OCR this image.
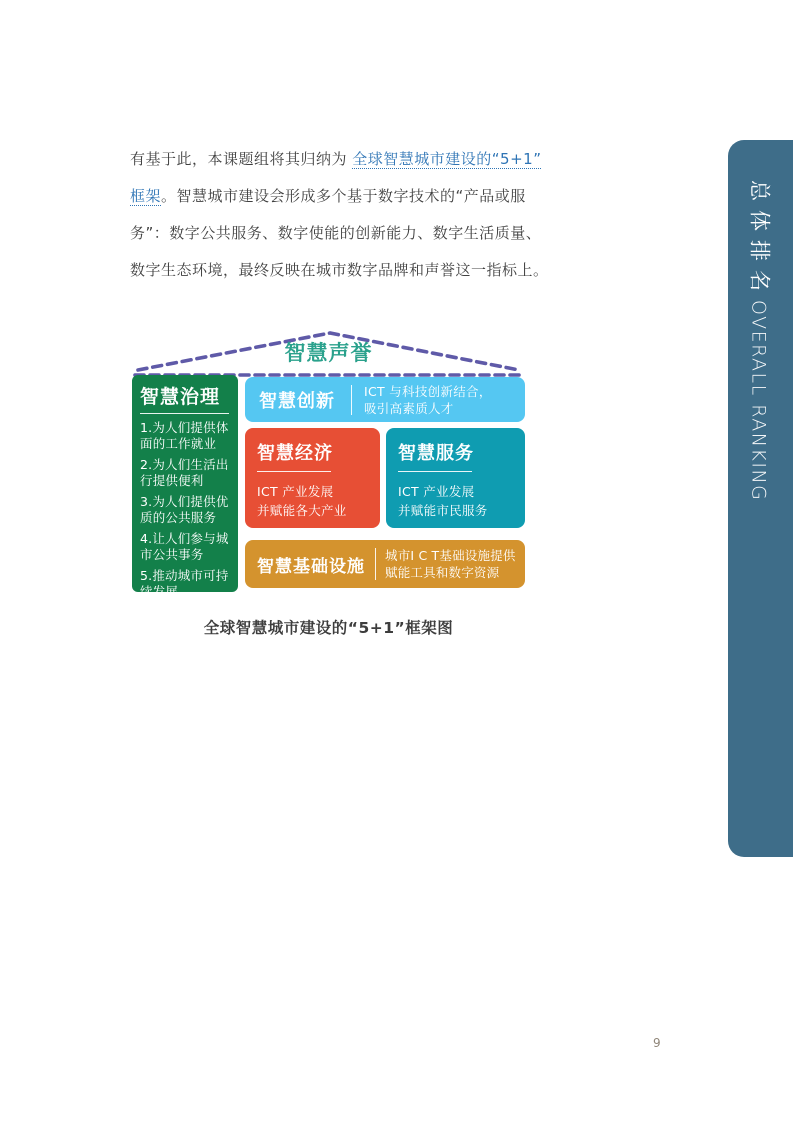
有基于此，本课题组将其归纳为 全球智慧城市建设的“5+1”
框架。智慧城市建设会形成多个基于数字技术的“产品或服
务”：数字公共服务、数字使能的创新能力、数字生活质量、
数字生态环境，最终反映在城市数字品牌和声誉这一指标上。
智慧声誉
智慧治理
1.为人们提供体面的工作就业
2.为人们生活出行提供便利
3.为人们提供优质的公共服务
4.让人们参与城市公共事务
5.推动城市可持续发展
智慧创新 ICT 与科技创新结合，
吸引高素质人才
智慧经济
ICT 产业发展
并赋能各大产业
智慧服务
ICT 产业发展
并赋能市民服务
智慧基础设施
城市I C T基础设施提供
赋能工具和数字资源
全球智慧城市建设的“5+1”框架图
总体排名OVERALL RANKING
9
